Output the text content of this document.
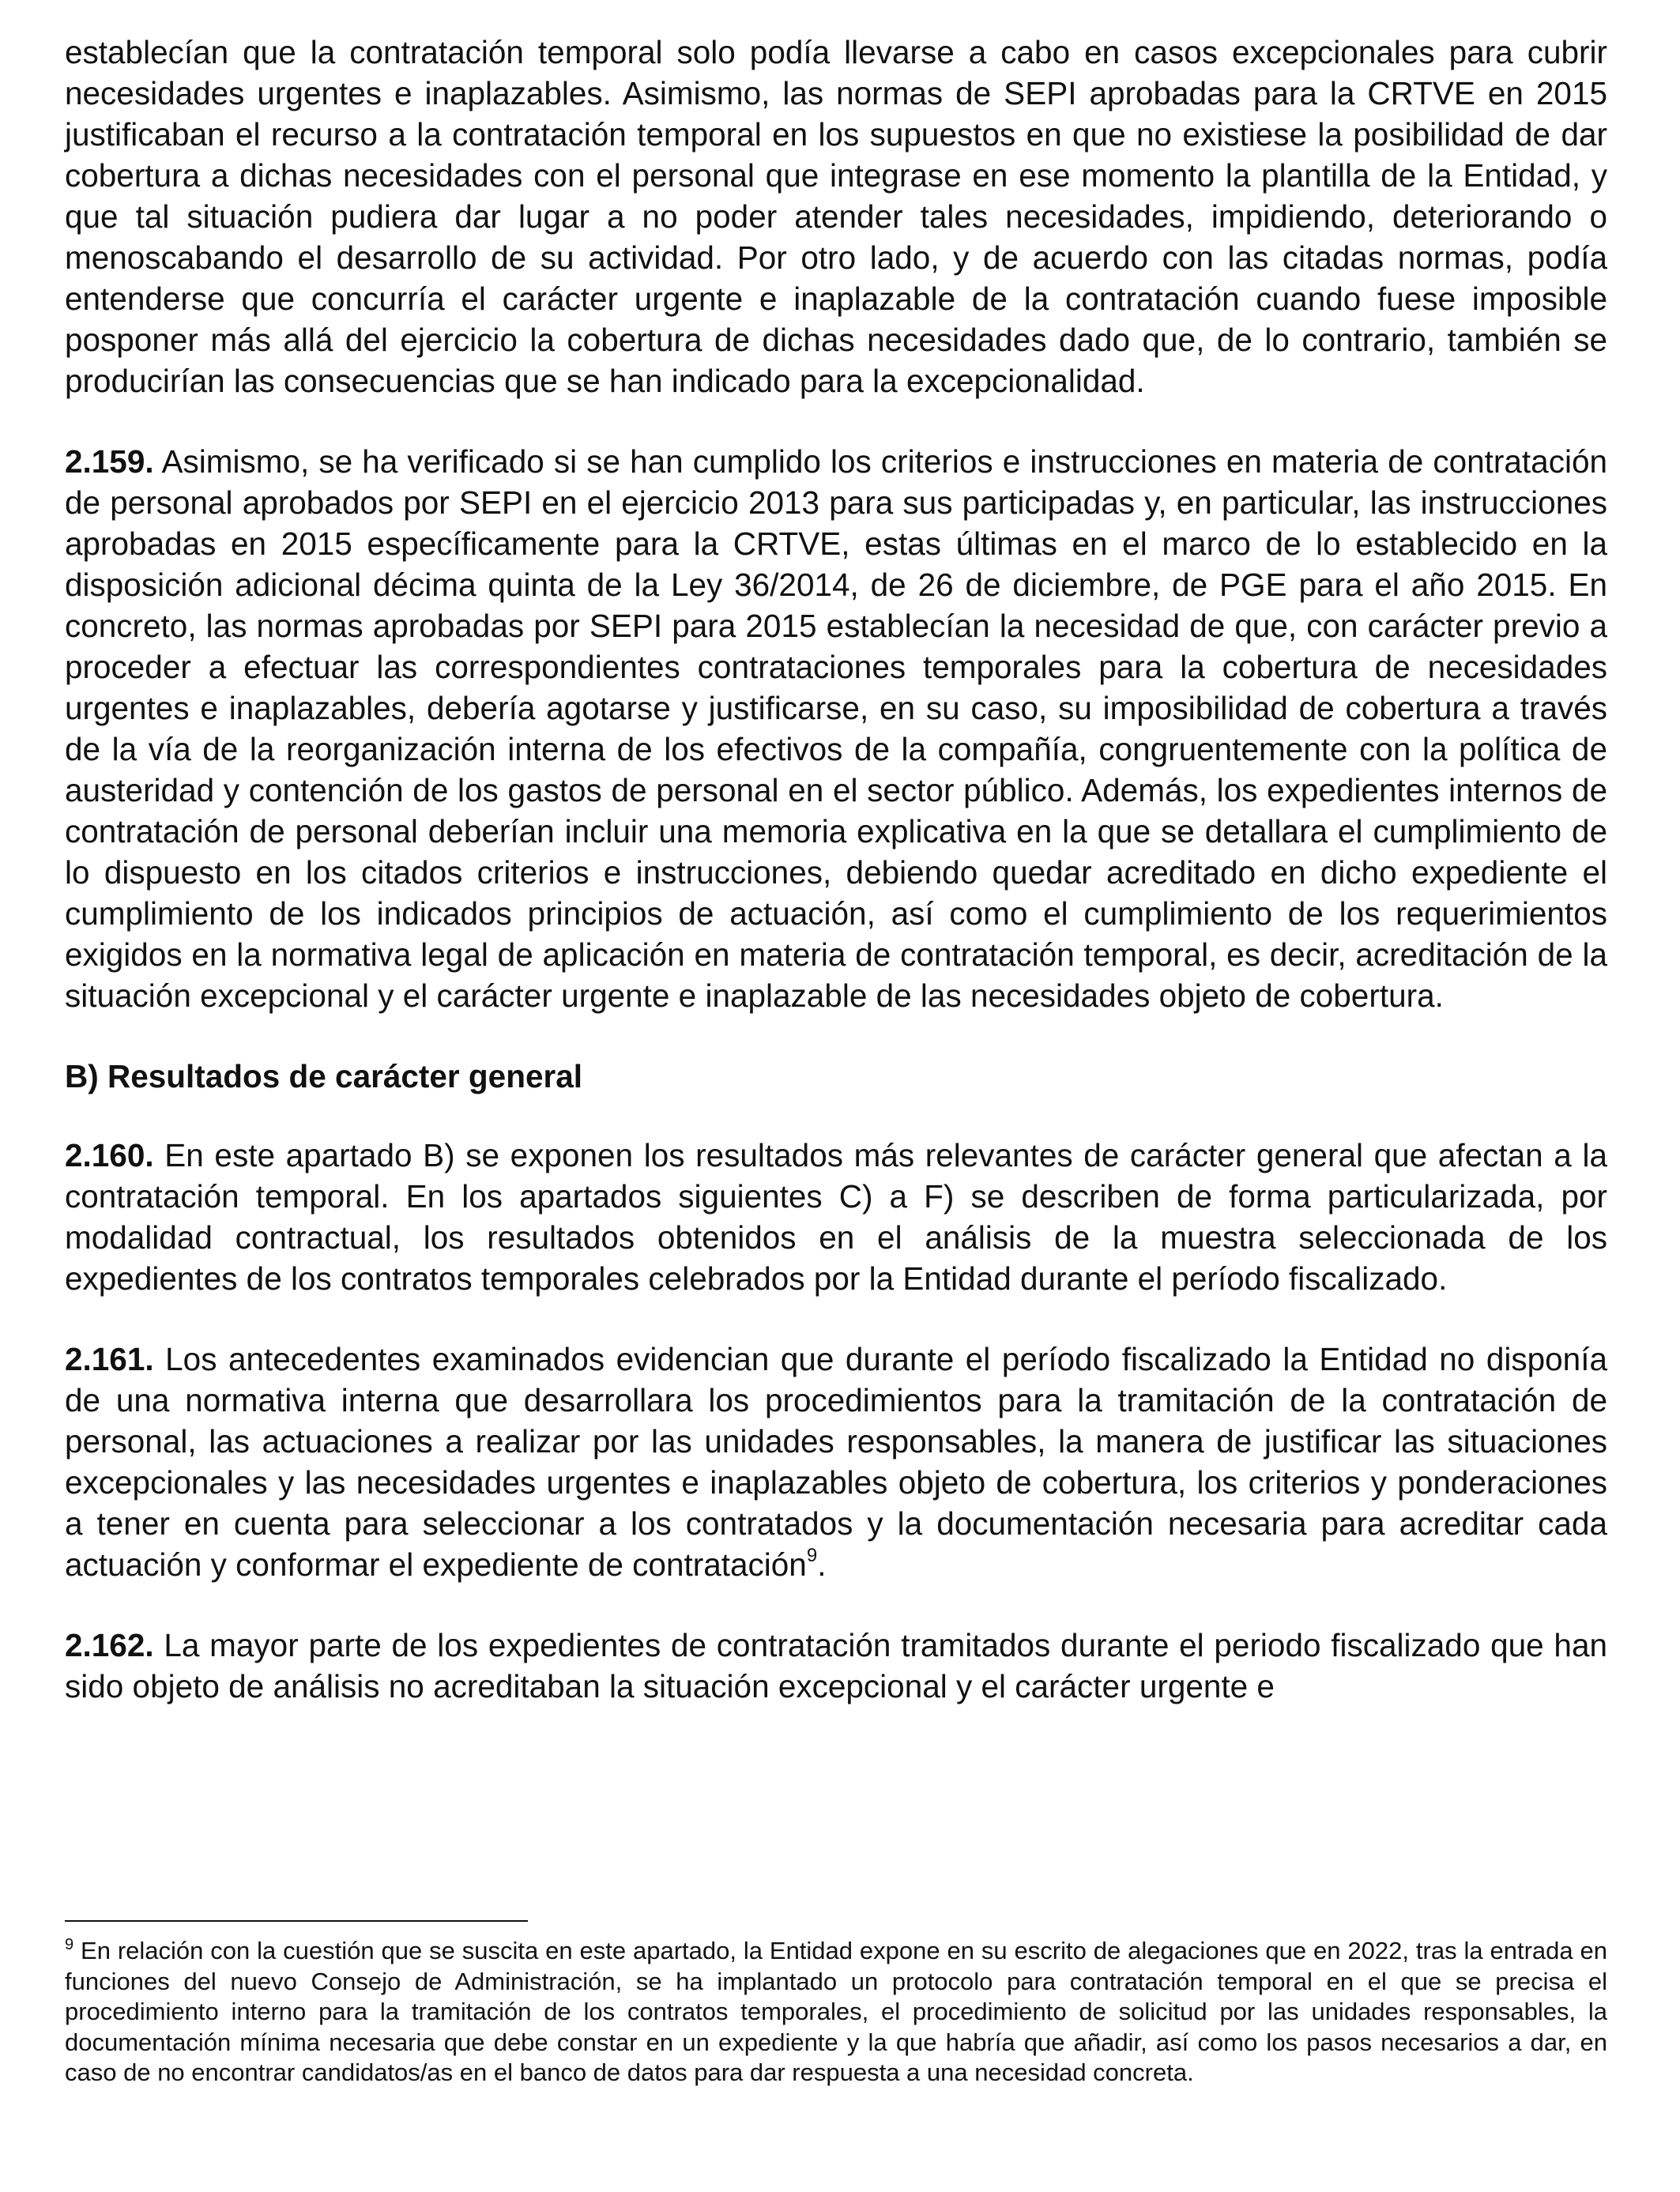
establecían que la contratación temporal solo podía llevarse a cabo en casos excepcionales para cubrir necesidades urgentes e inaplazables. Asimismo, las normas de SEPI aprobadas para la CRTVE en 2015 justificaban el recurso a la contratación temporal en los supuestos en que no existiese la posibilidad de dar cobertura a dichas necesidades con el personal que integrase en ese momento la plantilla de la Entidad, y que tal situación pudiera dar lugar a no poder atender tales necesidades, impidiendo, deteriorando o menoscabando el desarrollo de su actividad. Por otro lado, y de acuerdo con las citadas normas, podía entenderse que concurría el carácter urgente e inaplazable de la contratación cuando fuese imposible posponer más allá del ejercicio la cobertura de dichas necesidades dado que, de lo contrario, también se producirían las consecuencias que se han indicado para la excepcionalidad.

2.159. Asimismo, se ha verificado si se han cumplido los criterios e instrucciones en materia de contratación de personal aprobados por SEPI en el ejercicio 2013 para sus participadas y, en particular, las instrucciones aprobadas en 2015 específicamente para la CRTVE, estas últimas en el marco de lo establecido en la disposición adicional décima quinta de la Ley 36/2014, de 26 de diciembre, de PGE para el año 2015. En concreto, las normas aprobadas por SEPI para 2015 establecían la necesidad de que, con carácter previo a proceder a efectuar las correspondientes contrataciones temporales para la cobertura de necesidades urgentes e inaplazables, debería agotarse y justificarse, en su caso, su imposibilidad de cobertura a través de la vía de la reorganización interna de los efectivos de la compañía, congruentemente con la política de austeridad y contención de los gastos de personal en el sector público. Además, los expedientes internos de contratación de personal deberían incluir una memoria explicativa en la que se detallara el cumplimiento de lo dispuesto en los citados criterios e instrucciones, debiendo quedar acreditado en dicho expediente el cumplimiento de los indicados principios de actuación, así como el cumplimiento de los requerimientos exigidos en la normativa legal de aplicación en materia de contratación temporal, es decir, acreditación de la situación excepcional y el carácter urgente e inaplazable de las necesidades objeto de cobertura.

B) Resultados de carácter general

2.160. En este apartado B) se exponen los resultados más relevantes de carácter general que afectan a la contratación temporal. En los apartados siguientes C) a F) se describen de forma particularizada, por modalidad contractual, los resultados obtenidos en el análisis de la muestra seleccionada de los expedientes de los contratos temporales celebrados por la Entidad durante el período fiscalizado.

2.161. Los antecedentes examinados evidencian que durante el período fiscalizado la Entidad no disponía de una normativa interna que desarrollara los procedimientos para la tramitación de la contratación de personal, las actuaciones a realizar por las unidades responsables, la manera de justificar las situaciones excepcionales y las necesidades urgentes e inaplazables objeto de cobertura, los criterios y ponderaciones a tener en cuenta para seleccionar a los contratados y la documentación necesaria para acreditar cada actuación y conformar el expediente de contratación$^9$.

2.162. La mayor parte de los expedientes de contratación tramitados durante el periodo fiscalizado que han sido objeto de análisis no acreditaban la situación excepcional y el carácter urgente e

$^9$ En relación con la cuestión que se suscita en este apartado, la Entidad expone en su escrito de alegaciones que en 2022, tras la entrada en funciones del nuevo Consejo de Administración, se ha implantado un protocolo para contratación temporal en el que se precisa el procedimiento interno para la tramitación de los contratos temporales, el procedimiento de solicitud por las unidades responsables, la documentación mínima necesaria que debe constar en un expediente y la que habría que añadir, así como los pasos necesarios a dar, en caso de no encontrar candidatos/as en el banco de datos para dar respuesta a una necesidad concreta.
